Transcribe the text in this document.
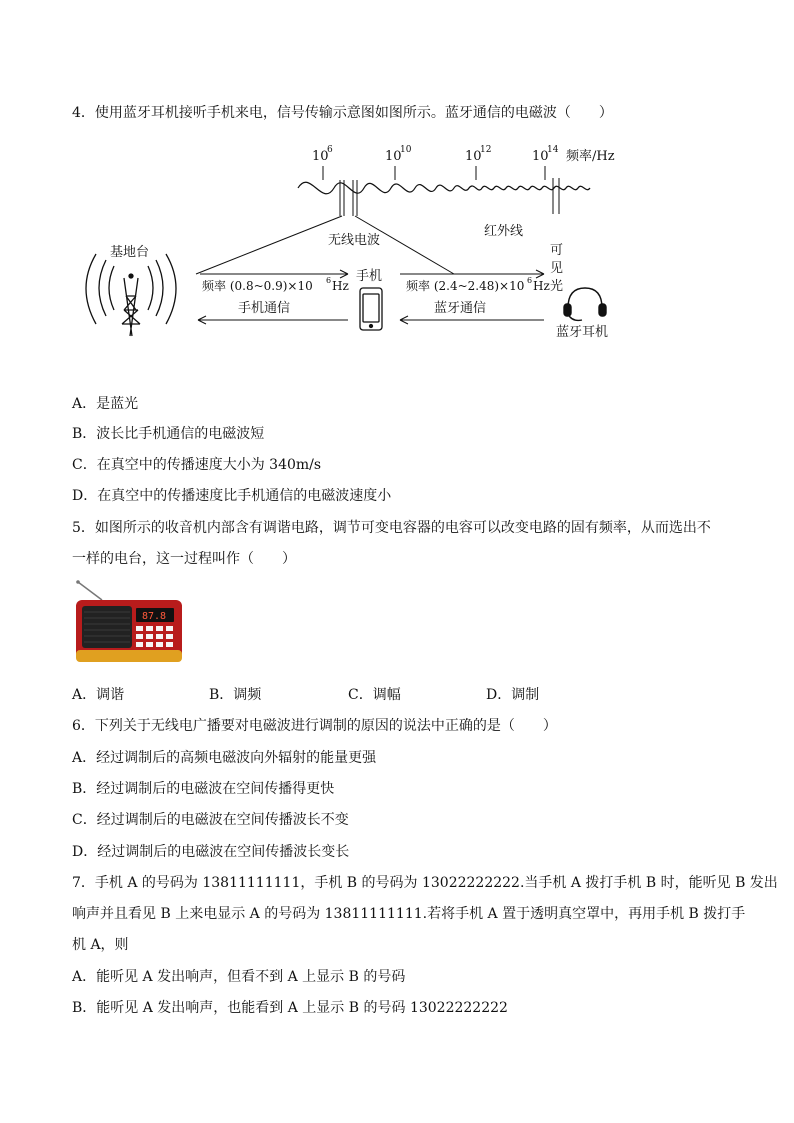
4．使用蓝牙耳机接听手机来电，信号传输示意图如图所示。蓝牙通信的电磁波（　　）
10
6	10
10	10
12	10
14 频率/Hz
无线电波
红外线
可
见
光
基地台
手机
频率 (0.8~0.9)×10 6 Hz
手机通信
频率 (2.4~2.48)×10 6 Hz
蓝牙通信
蓝牙耳机
A．是蓝光
B．波长比手机通信的电磁波短
C．在真空中的传播速度大小为 340m/s
D．在真空中的传播速度比手机通信的电磁波速度小
5．如图所示的收音机内部含有调谐电路，调节可变电容器的电容可以改变电路的固有频率，从而选出不
一样的电台，这一过程叫作（　　）
87.8
A．调谐	B．调频	C．调幅	D．调制
6．下列关于无线电广播要对电磁波进行调制的原因的说法中正确的是（　　）
A．经过调制后的高频电磁波向外辐射的能量更强
B．经过调制后的电磁波在空间传播得更快
C．经过调制后的电磁波在空间传播波长不变
D．经过调制后的电磁波在空间传播波长变长
7．手机 A 的号码为 13811111111，手机 B 的号码为 13022222222.当手机 A 拨打手机 B 时，能听见 B 发出
响声并且看见 B 上来电显示 A 的号码为 13811111111.若将手机 A 置于透明真空罩中，再用手机 B 拨打手
机 A，则
A．能听见 A 发出响声，但看不到 A 上显示 B 的号码
B．能听见 A 发出响声，也能看到 A 上显示 B 的号码 13022222222
